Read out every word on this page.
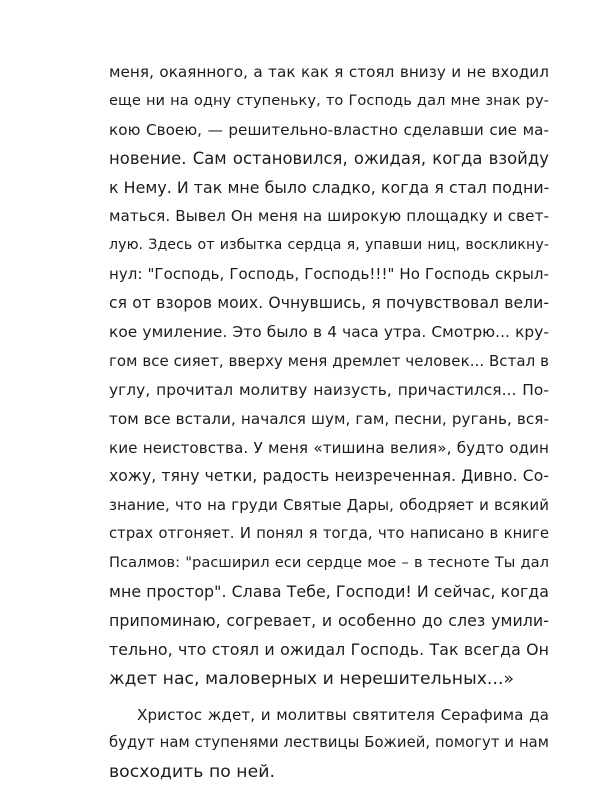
меня, окаянного, а так как я стоял внизу и не входил
еще ни на одну ступеньку, то Господь дал мне знак ру-
кою Своею, — решительно-властно сделавши сие ма-
новение. Сам остановился, ожидая, когда взойду
к Нему. И так мне было сладко, когда я стал подни-
маться. Вывел Он меня на широкую площадку и свет-
лую. Здесь от избытка сердца я, упавши ниц, воскликну-
нул: "Господь, Господь, Господь!!!" Но Господь скрыл-
ся от взоров моих. Очнувшись, я почувствовал вели-
кое умиление. Это было в 4 часа утра. Смотрю... кру-
гом все сияет, вверху меня дремлет человек... Встал в
углу, прочитал молитву наизусть, причастился... По-
том все встали, начался шум, гам, песни, ругань, вся-
кие неистовства. У меня «тишина велия», будто один
хожу, тяну четки, радость неизреченная. Дивно. Со-
знание, что на груди Святые Дары, ободряет и всякий
страх отгоняет. И понял я тогда, что написано в книге
Псалмов: "расширил еси сердце мое – в тесноте Ты дал
мне простор". Слава Тебе, Господи! И сейчас, когда
припоминаю, согревает, и особенно до слез умили-
тельно, что стоял и ожидал Господь. Так всегда Он
ждет нас, маловерных и нерешительных...»
Христос ждет, и молитвы святителя Серафима да
будут нам ступенями лествицы Божией, помогут и нам
восходить по ней.
